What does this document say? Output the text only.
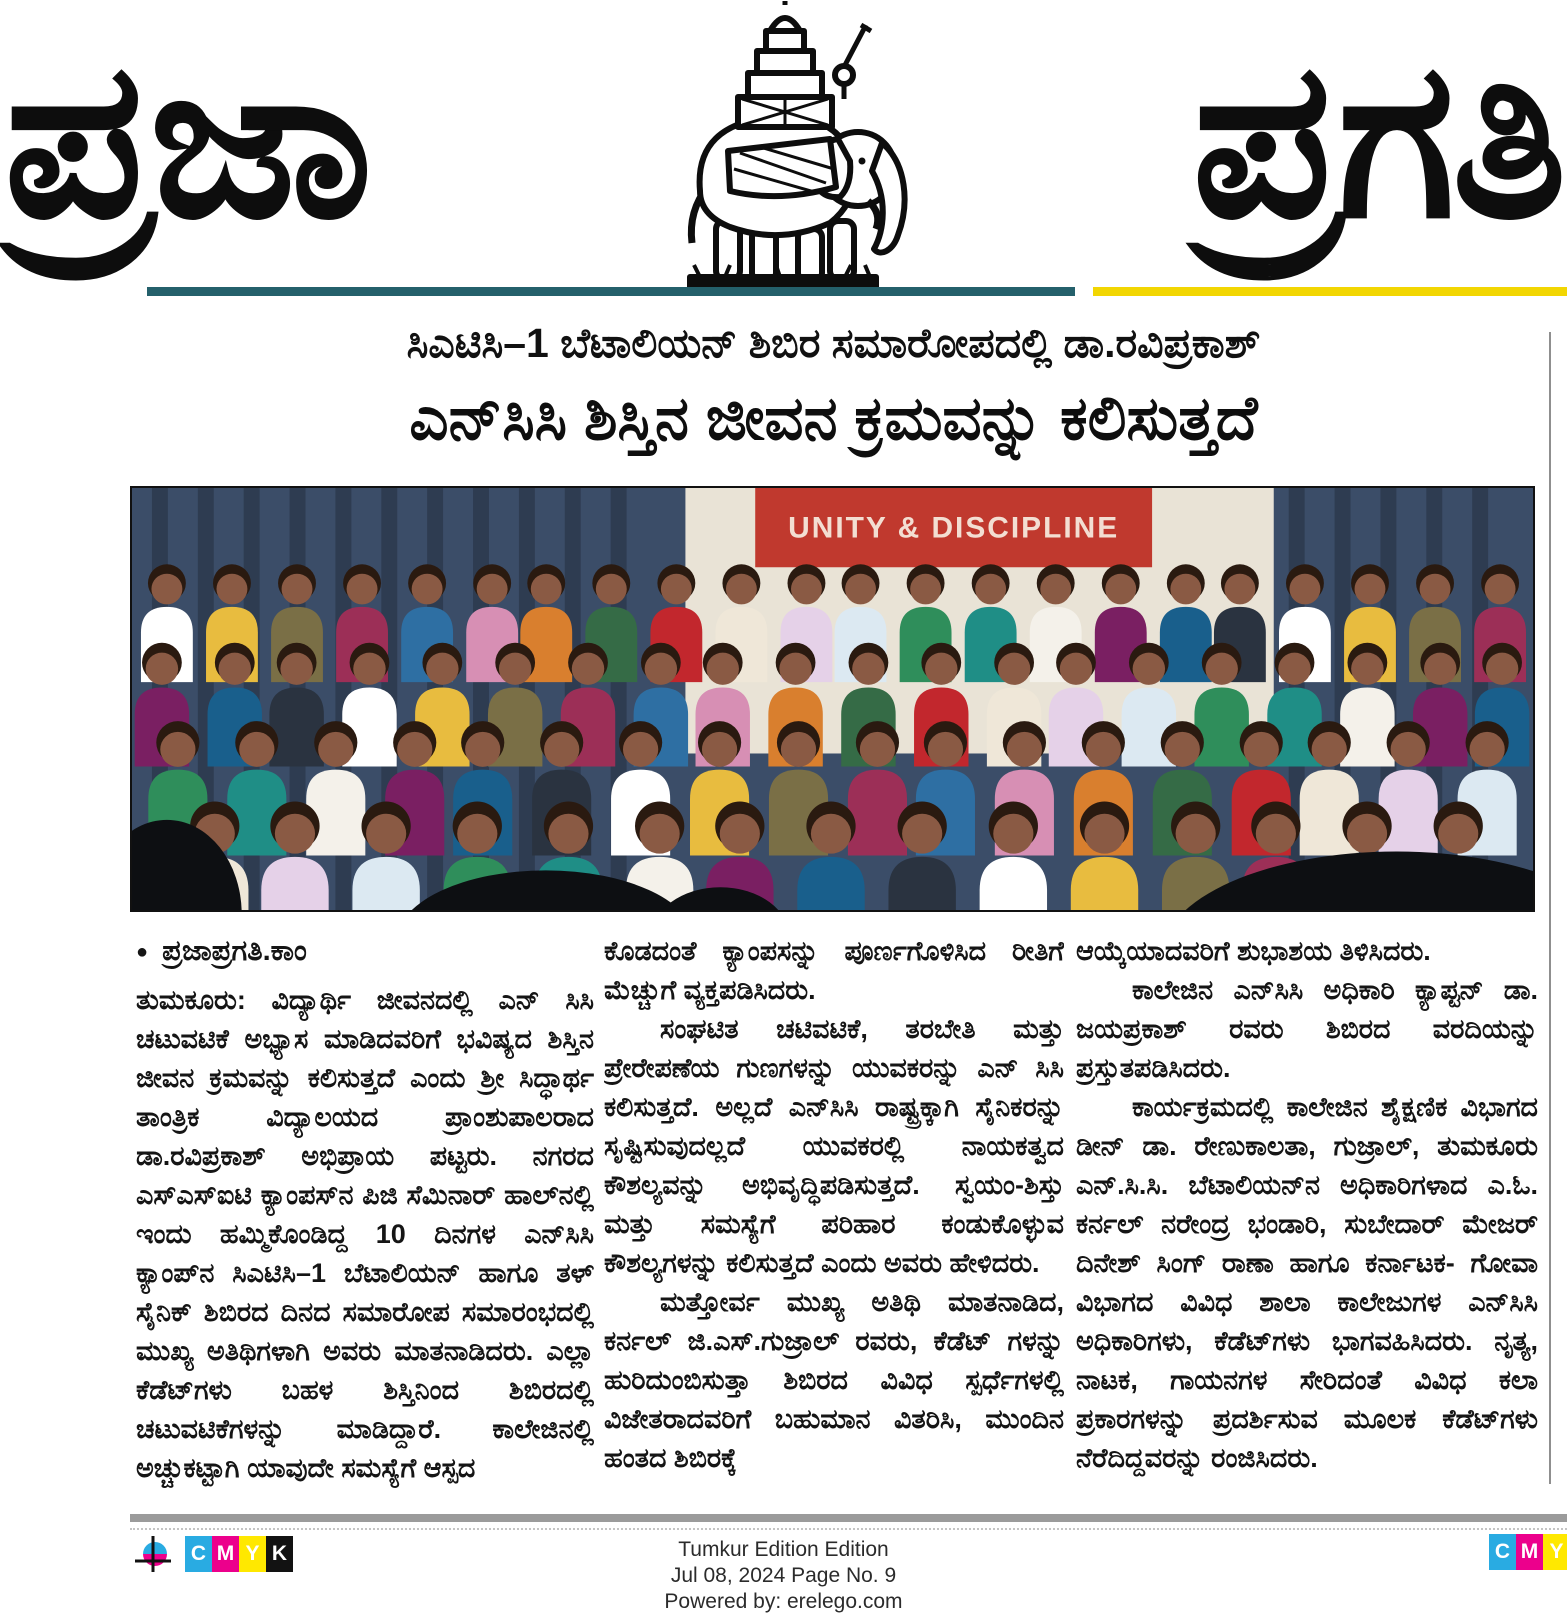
ಪ್ರಜಾ	ಪ್ರಗತಿ
ಸಿಎಟಿಸಿ–1 ಬೆಟಾಲಿಯನ್ ಶಿಬಿರ ಸಮಾರೋಪದಲ್ಲಿ ಡಾ.ರವಿಪ್ರಕಾಶ್
ಎನ್‌ಸಿಸಿ ಶಿಸ್ತಿನ ಜೀವನ ಕ್ರಮವನ್ನು ಕಲಿಸುತ್ತದೆ
UNITY & DISCIPLINE
● ಪ್ರಜಾಪ್ರಗತಿ.ಕಾಂ

ತುಮಕೂರು: ವಿದ್ಯಾರ್ಥಿ ಜೀವನದಲ್ಲಿ ಎನ್ ಸಿಸಿ ಚಟುವಟಿಕೆ ಅಭ್ಯಾಸ ಮಾಡಿದವರಿಗೆ ಭವಿಷ್ಯದ ಶಿಸ್ತಿನ ಜೀವನ ಕ್ರಮವನ್ನು ಕಲಿಸುತ್ತದೆ ಎಂದು ಶ್ರೀ ಸಿದ್ಧಾರ್ಥ ತಾಂತ್ರಿಕ ವಿದ್ಯಾಲಯದ ಪ್ರಾಂಶುಪಾಲರಾದ ಡಾ.ರವಿಪ್ರಕಾಶ್ ಅಭಿಪ್ರಾಯ ಪಟ್ಟರು. ನಗರದ ಎಸ್‌ಎಸ್‌ಐಟಿ ಕ್ಯಾಂಪಸ್‌ನ ಪಿಜಿ ಸೆಮಿನಾರ್ ಹಾಲ್‌ನಲ್ಲಿ ಇಂದು ಹಮ್ಮಿಕೊಂಡಿದ್ದ 10 ದಿನಗಳ ಎನ್‌ಸಿಸಿ ಕ್ಯಾಂಪ್‌ನ ಸಿಎಟಿಸಿ–1 ಬೆಟಾಲಿಯನ್ ಹಾಗೂ ತಳ್ ಸೈನಿಕ್ ಶಿಬಿರದ ದಿನದ ಸಮಾರೋಪ ಸಮಾರಂಭದಲ್ಲಿ ಮುಖ್ಯ ಅತಿಥಿಗಳಾಗಿ ಅವರು ಮಾತನಾಡಿದರು. ಎಲ್ಲಾ ಕೆಡೆಟ್‌ಗಳು ಬಹಳ ಶಿಸ್ತಿನಿಂದ ಶಿಬಿರದಲ್ಲಿ ಚಟುವಟಿಕೆಗಳನ್ನು ಮಾಡಿದ್ದಾರೆ. ಕಾಲೇಜಿನಲ್ಲಿ ಅಚ್ಚುಕಟ್ಟಾಗಿ ಯಾವುದೇ ಸಮಸ್ಯೆಗೆ ಆಸ್ಪದ

ಕೊಡದಂತೆ ಕ್ಯಾಂಪಸನ್ನು ಪೂರ್ಣಗೊಳಿಸಿದ ರೀತಿಗೆ ಮೆಚ್ಚುಗೆ ವ್ಯಕ್ತಪಡಿಸಿದರು.

ಸಂಘಟಿತ ಚಟಿವಟಿಕೆ, ತರಬೇತಿ ಮತ್ತು ಪ್ರೇರೇಪಣೆಯ ಗುಣಗಳನ್ನು ಯುವಕರನ್ನು ಎನ್ ಸಿಸಿ ಕಲಿಸುತ್ತದೆ. ಅಲ್ಲದೆ ಎನ್‌ಸಿಸಿ ರಾಷ್ಟ್ರಕ್ಕಾಗಿ ಸೈನಿಕರನ್ನು ಸೃಷ್ಟಿಸುವುದಲ್ಲದೆ ಯುವಕರಲ್ಲಿ ನಾಯಕತ್ವದ ಕೌಶಲ್ಯವನ್ನು ಅಭಿವೃದ್ಧಿಪಡಿಸುತ್ತದೆ. ಸ್ವಯಂ-ಶಿಸ್ತು ಮತ್ತು ಸಮಸ್ಯೆಗೆ ಪರಿಹಾರ ಕಂಡುಕೊಳ್ಳುವ ಕೌಶಲ್ಯಗಳನ್ನು ಕಲಿಸುತ್ತದೆ ಎಂದು ಅವರು ಹೇಳಿದರು.

ಮತ್ತೋರ್ವ ಮುಖ್ಯ ಅತಿಥಿ ಮಾತನಾಡಿದ, ಕರ್ನಲ್ ಜಿ.ಎಸ್.ಗುಜ್ರಾಲ್ ರವರು, ಕೆಡೆಟ್ ಗಳನ್ನು ಹುರಿದುಂಬಿಸುತ್ತಾ ಶಿಬಿರದ ವಿವಿಧ ಸ್ಪರ್ಧೆಗಳಲ್ಲಿ ವಿಜೇತರಾದವರಿಗೆ ಬಹುಮಾನ ವಿತರಿಸಿ, ಮುಂದಿನ ಹಂತದ ಶಿಬಿರಕ್ಕೆ

ಆಯ್ಕೆಯಾದವರಿಗೆ ಶುಭಾಶಯ ತಿಳಿಸಿದರು.

ಕಾಲೇಜಿನ ಎನ್‌ಸಿಸಿ ಅಧಿಕಾರಿ ಕ್ಯಾಪ್ಟನ್ ಡಾ. ಜಯಪ್ರಕಾಶ್ ರವರು ಶಿಬಿರದ ವರದಿಯನ್ನು ಪ್ರಸ್ತುತಪಡಿಸಿದರು.

ಕಾರ್ಯಕ್ರಮದಲ್ಲಿ ಕಾಲೇಜಿನ ಶೈಕ್ಷಣಿಕ ವಿಭಾಗದ ಡೀನ್ ಡಾ. ರೇಣುಕಾಲತಾ, ಗುಜ್ರಾಲ್, ತುಮಕೂರು ಎನ್.ಸಿ.ಸಿ. ಬೆಟಾಲಿಯನ್‌ನ ಅಧಿಕಾರಿಗಳಾದ ಎ.ಓ. ಕರ್ನಲ್ ನರೇಂದ್ರ ಭಂಡಾರಿ, ಸುಬೇದಾರ್ ಮೇಜರ್ ದಿನೇಶ್ ಸಿಂಗ್ ರಾಣಾ ಹಾಗೂ ಕರ್ನಾಟಕ- ಗೋವಾ ವಿಭಾಗದ ವಿವಿಧ ಶಾಲಾ ಕಾಲೇಜುಗಳ ಎನ್‌ಸಿಸಿ ಅಧಿಕಾರಿಗಳು, ಕೆಡೆಟ್‌ಗಳು ಭಾಗವಹಿಸಿದರು. ನೃತ್ಯ, ನಾಟಕ, ಗಾಯನಗಳ ಸೇರಿದಂತೆ ವಿವಿಧ ಕಲಾ ಪ್ರಕಾರಗಳನ್ನು ಪ್ರದರ್ಶಿಸುವ ಮೂಲಕ ಕೆಡೆಟ್‌ಗಳು ನೆರೆದಿದ್ದವರನ್ನು ರಂಜಿಸಿದರು.

C M Y K	C M Y
Tumkur Edition Edition
Jul 08, 2024 Page No. 9
Powered by: erelego.com
